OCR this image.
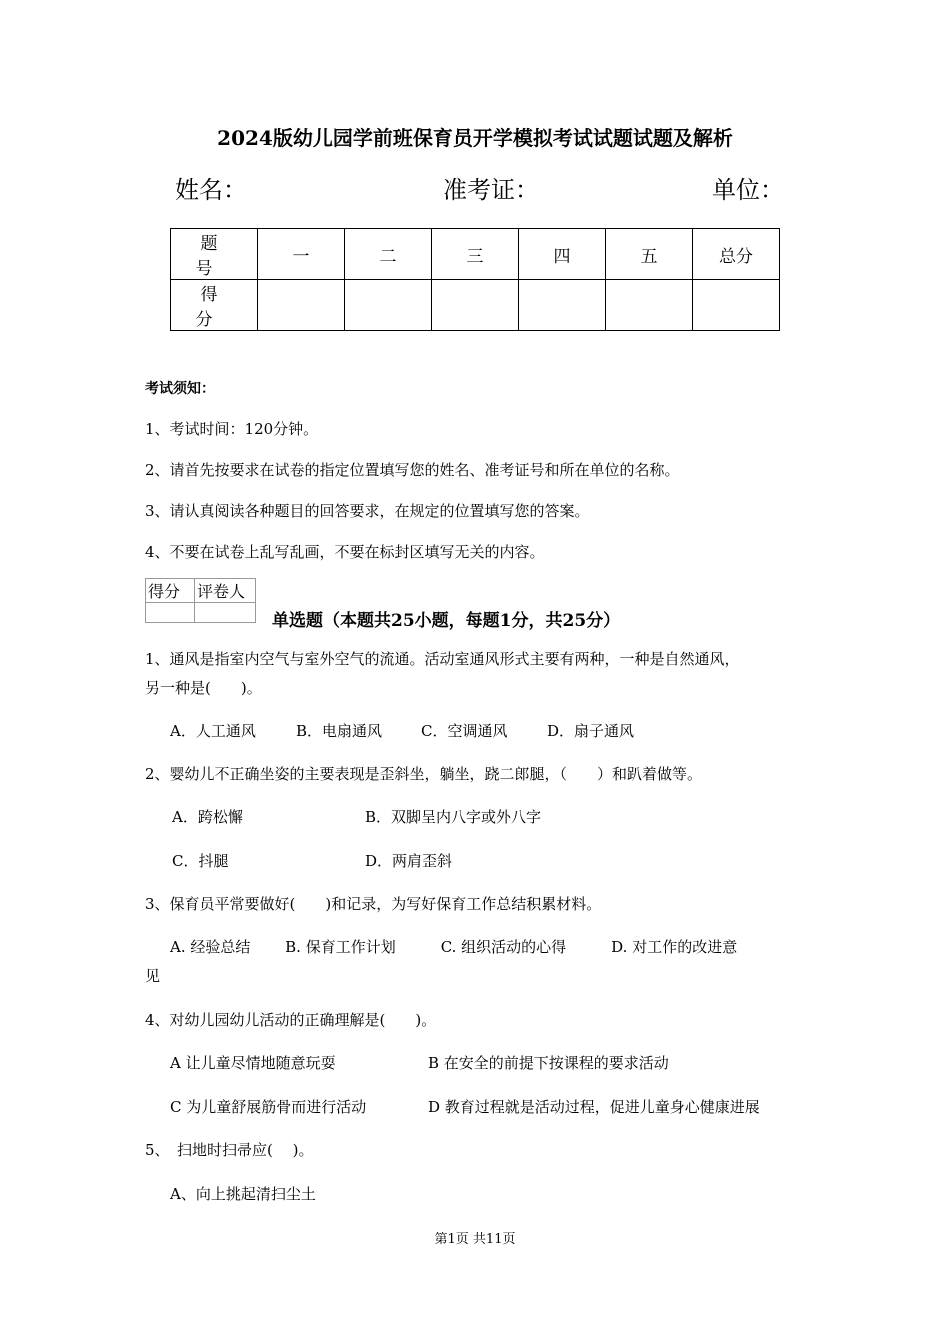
2024版幼儿园学前班保育员开学模拟考试试题试题及解析
姓名：	准考证：	单位：
题 号	一	二	三	四	五	总分
得 分						
考试须知：
1、考试时间：120分钟。
2、请首先按要求在试卷的指定位置填写您的姓名、准考证号和所在单位的名称。
3、请认真阅读各种题目的回答要求，在规定的位置填写您的答案。
4、不要在试卷上乱写乱画，不要在标封区填写无关的内容。
得分	评卷人

单选题（本题共25小题，每题1分，共25分）
1、通风是指室内空气与室外空气的流通。活动室通风形式主要有两种，一种是自然通风，
另一种是(　　)。
A．人工通风	B．电扇通风	C．空调通风	D．扇子通风
2、婴幼儿不正确坐姿的主要表现是歪斜坐，躺坐，跷二郎腿，（　　）和趴着做等。
A．跨松懈	B．双脚呈内八字或外八字
C．抖腿	D．两肩歪斜
3、保育员平常要做好(　　)和记录，为写好保育工作总结积累材料。
A. 经验总结　　 B. 保育工作计划　　　C. 组织活动的心得　　　D. 对工作的改进意
见
4、对幼儿园幼儿活动的正确理解是(　　)。
A 让儿童尽情地随意玩耍	B 在安全的前提下按课程的要求活动
C 为儿童舒展筋骨而进行活动	D 教育过程就是活动过程，促进儿童身心健康进展
5、　扫地时扫帚应(　 )。
A、向上挑起清扫尘土
第1页 共11页
